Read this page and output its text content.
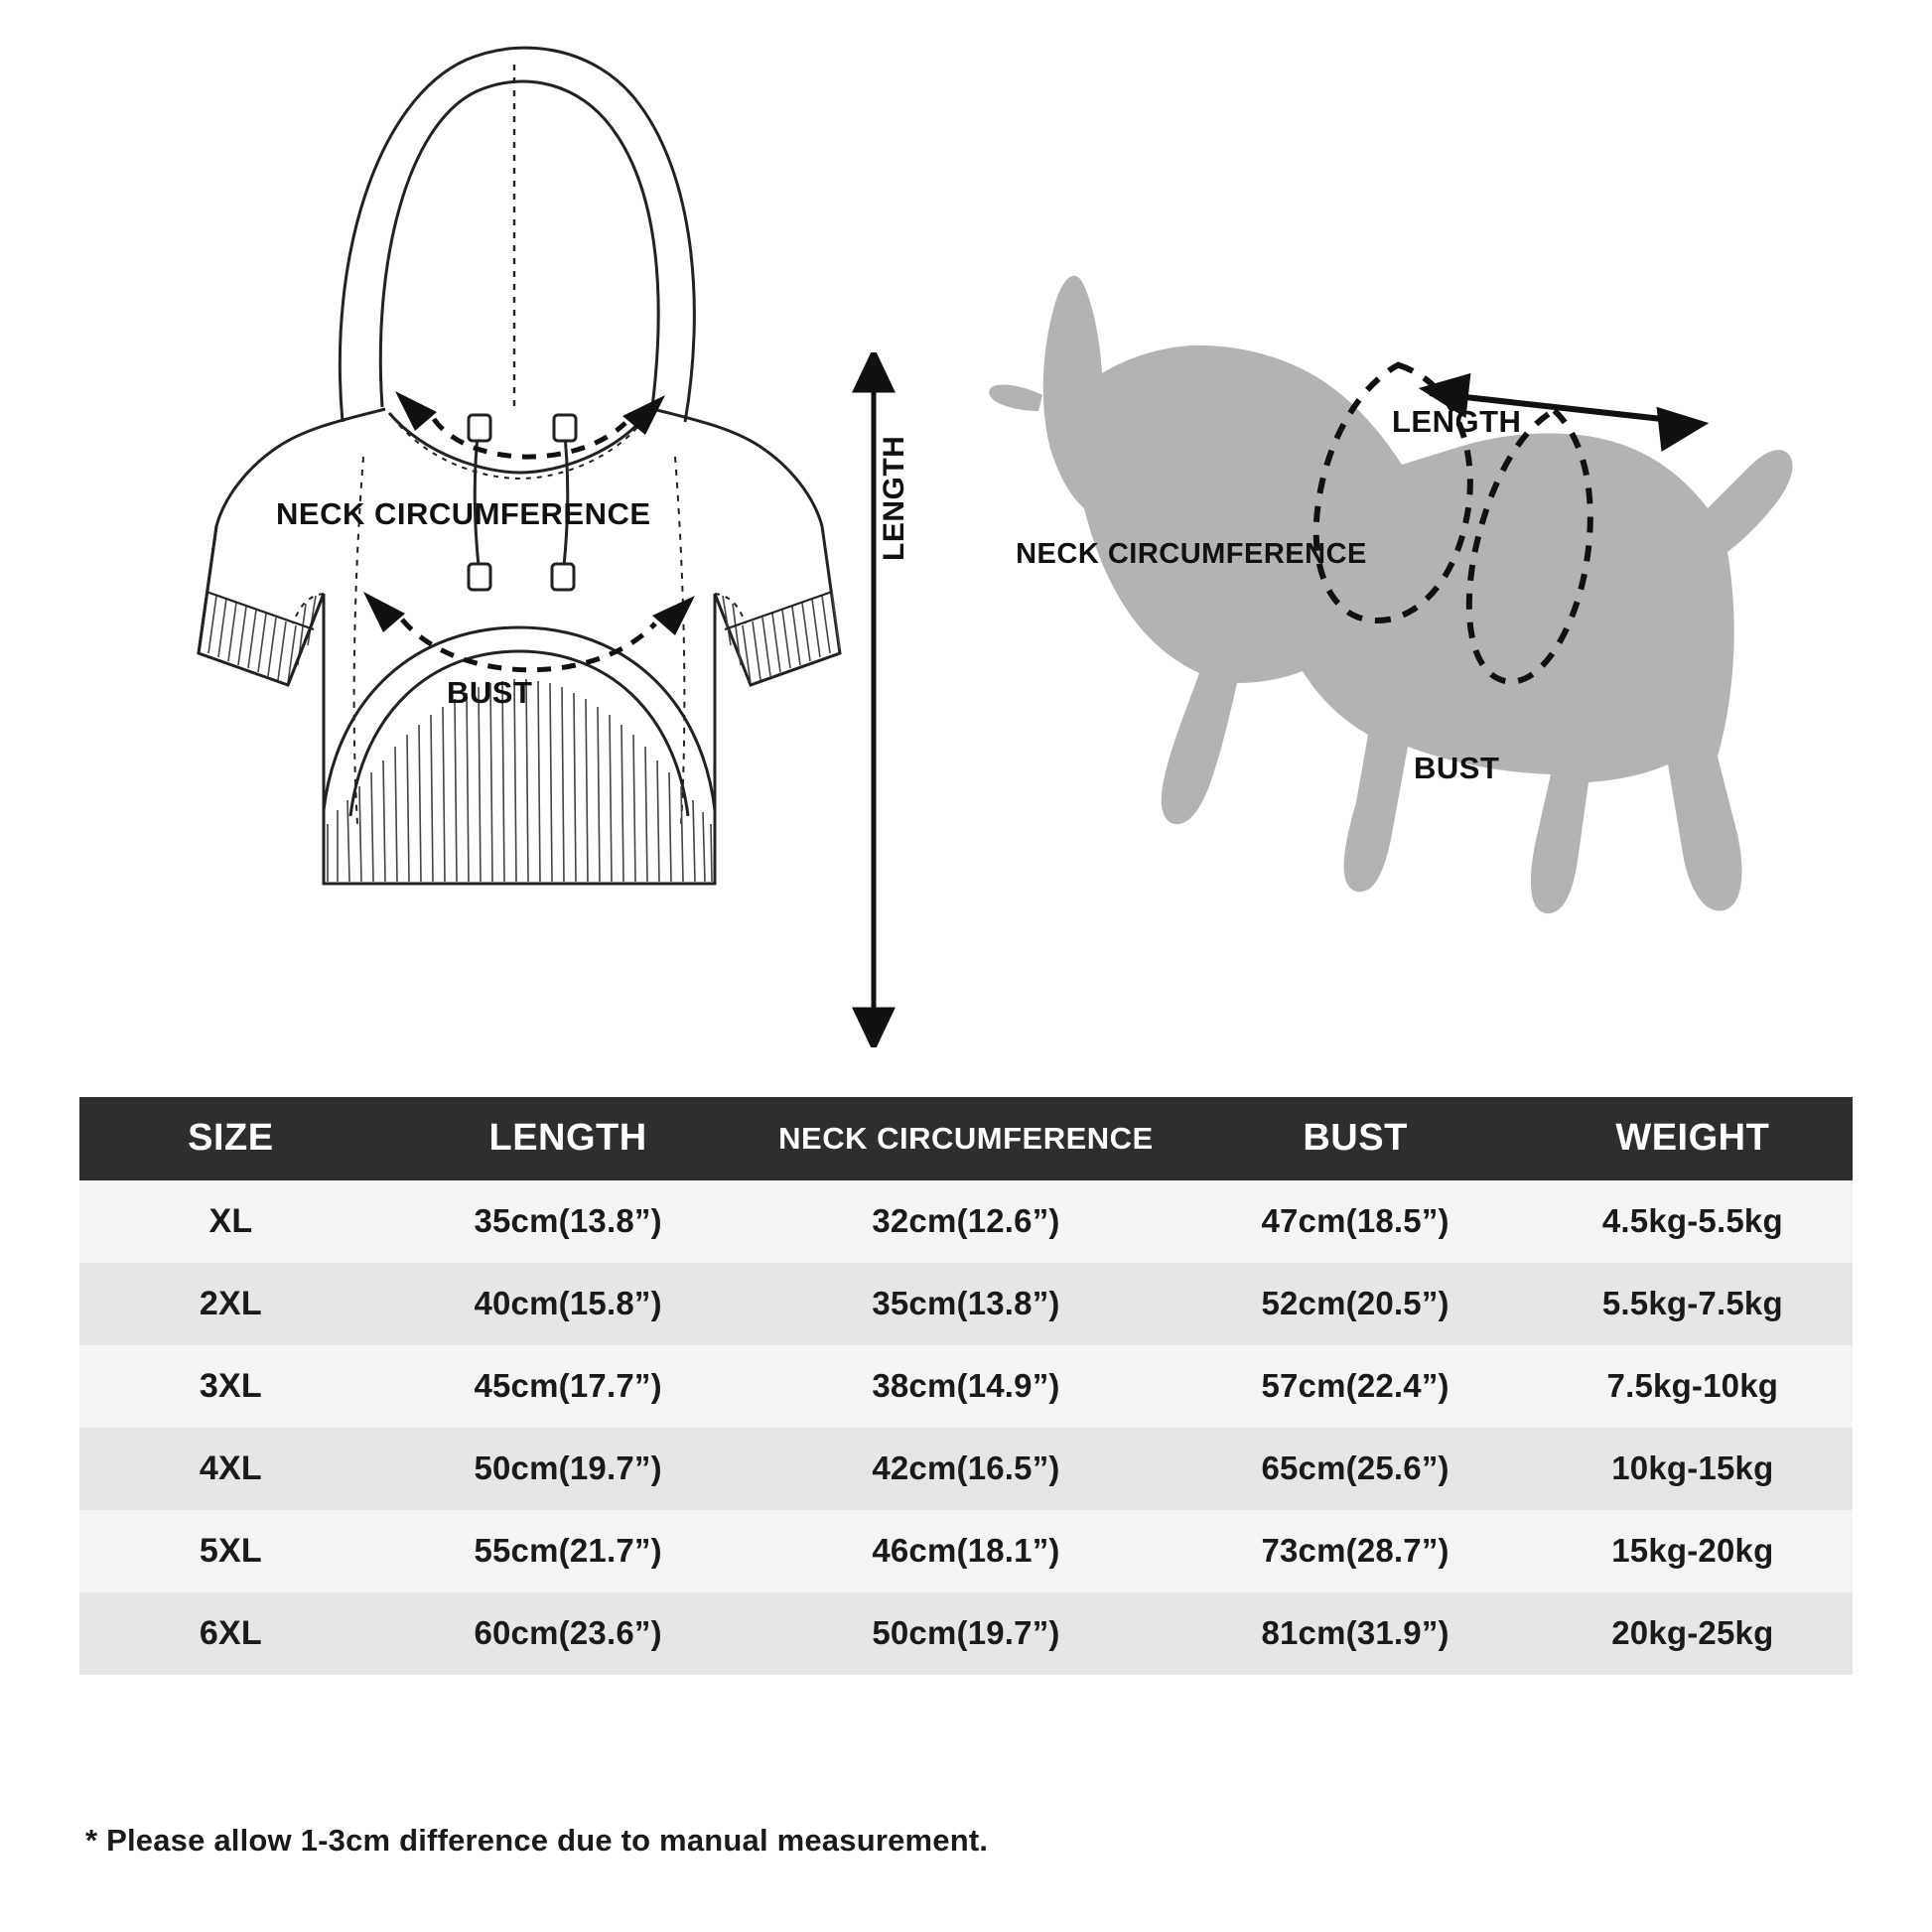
NECK CIRCUMFERENCE
BUST
LENGTH
LENGTH
NECK CIRCUMFERENCE
BUST
SIZE	LENGTH	NECK CIRCUMFERENCE	BUST	WEIGHT
XL	35cm(13.8”)	32cm(12.6”)	47cm(18.5”)	4.5kg-5.5kg
2XL	40cm(15.8”)	35cm(13.8”)	52cm(20.5”)	5.5kg-7.5kg
3XL	45cm(17.7”)	38cm(14.9”)	57cm(22.4”)	7.5kg-10kg
4XL	50cm(19.7”)	42cm(16.5”)	65cm(25.6”)	10kg-15kg
5XL	55cm(21.7”)	46cm(18.1”)	73cm(28.7”)	15kg-20kg
6XL	60cm(23.6”)	50cm(19.7”)	81cm(31.9”)	20kg-25kg
* Please allow 1-3cm difference due to manual measurement.
